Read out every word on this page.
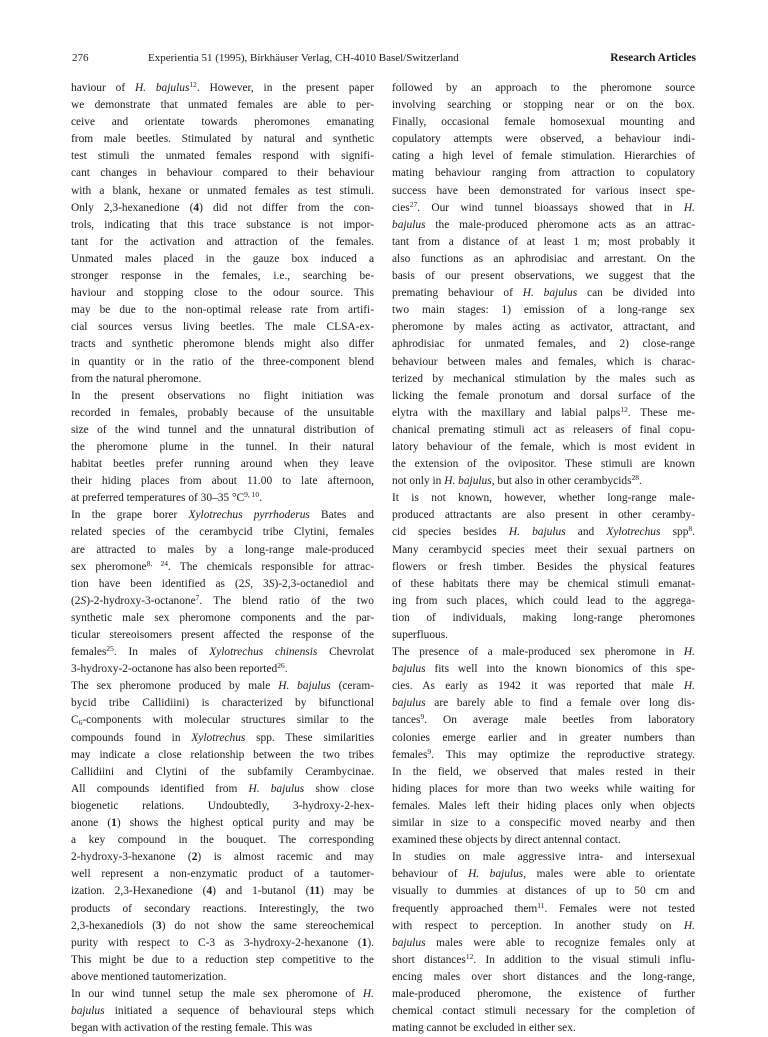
276	Experientia 51 (1995), Birkhäuser Verlag, CH-4010 Basel/Switzerland	Research Articles
haviour of H. bajulus$^{12}$. However, in the present paper
we demonstrate that unmated females are able to per-
ceive and orientate towards pheromones emanating
from male beetles. Stimulated by natural and synthetic
test stimuli the unmated females respond with signifi-
cant changes in behaviour compared to their behaviour
with a blank, hexane or unmated females as test stimuli.
Only 2,3-hexanedione (4) did not differ from the con-
trols, indicating that this trace substance is not impor-
tant for the activation and attraction of the females.
Unmated males placed in the gauze box induced a
stronger response in the females, i.e., searching be-
haviour and stopping close to the odour source. This
may be due to the non-optimal release rate from artifi-
cial sources versus living beetles. The male CLSA-ex-
tracts and synthetic pheromone blends might also differ
in quantity or in the ratio of the three-component blend
from the natural pheromone.
In the present observations no flight initiation was
recorded in females, probably because of the unsuitable
size of the wind tunnel and the unnatural distribution of
the pheromone plume in the tunnel. In their natural
habitat beetles prefer running around when they leave
their hiding places from about 11.00 to late afternoon,
at preferred temperatures of 30–35 $^\circ C^{9, 10}$.
In the grape borer Xylotrechus pyrrhoderus Bates and
related species of the cerambycid tribe Clytini, females
are attracted to males by a long-range male-produced
sex pheromone$^{8, 24}$. The chemicals responsible for attrac-
tion have been identified as (2S, 3S)-2,3-octanediol and
(2S)-2-hydroxy-3-octanone$^7$. The blend ratio of the two
synthetic male sex pheromone components and the par-
ticular stereoisomers present affected the response of the
females$^{25}$. In males of Xylotrechus chinensis Chevrolat
3-hydroxy-2-octanone has also been reported$^{26}$.
The sex pheromone produced by male H. bajulus (ceram-
bycid tribe Callidiini) is characterized by bifunctional
$C_6$-components with molecular structures similar to the
compounds found in Xylotrechus spp. These similarities
may indicate a close relationship between the two tribes
Callidiini and Clytini of the subfamily Cerambycinae.
All compounds identified from H. bajulus show close
biogenetic relations. Undoubtedly, 3-hydroxy-2-hex-
anone (1) shows the highest optical purity and may be
a key compound in the bouquet. The corresponding
2-hydroxy-3-hexanone (2) is almost racemic and may
well represent a non-enzymatic product of a tautomer-
ization. 2,3-Hexanedione (4) and 1-butanol (11) may be
products of secondary reactions. Interestingly, the two
2,3-hexanediols (3) do not show the same stereochemical
purity with respect to C-3 as 3-hydroxy-2-hexanone (1).
This might be due to a reduction step competitive to the
above mentioned tautomerization.
In our wind tunnel setup the male sex pheromone of H.
bajulus initiated a sequence of behavioural steps which
began with activation of the resting female. This was
followed by an approach to the pheromone source
involving searching or stopping near or on the box.
Finally, occasional female homosexual mounting and
copulatory attempts were observed, a behaviour indi-
cating a high level of female stimulation. Hierarchies of
mating behaviour ranging from attraction to copulatory
success have been demonstrated for various insect spe-
cies$^{27}$. Our wind tunnel bioassays showed that in H.
bajulus the male-produced pheromone acts as an attrac-
tant from a distance of at least 1 m; most probably it
also functions as an aphrodisiac and arrestant. On the
basis of our present observations, we suggest that the
premating behaviour of H. bajulus can be divided into
two main stages: 1) emission of a long-range sex
pheromone by males acting as activator, attractant, and
aphrodisiac for unmated females, and 2) close-range
behaviour between males and females, which is charac-
terized by mechanical stimulation by the males such as
licking the female pronotum and dorsal surface of the
elytra with the maxillary and labial palps$^{12}$. These me-
chanical premating stimuli act as releasers of final copu-
latory behaviour of the female, which is most evident in
the extension of the ovipositor. These stimuli are known
not only in H. bajulus, but also in other cerambycids$^{28}$.
It is not known, however, whether long-range male-
produced attractants are also present in other ceramby-
cid species besides H. bajulus and Xylotrechus spp$^8$.
Many cerambycid species meet their sexual partners on
flowers or fresh timber. Besides the physical features
of these habitats there may be chemical stimuli emanat-
ing from such places, which could lead to the aggrega-
tion of individuals, making long-range pheromones
superfluous.
The presence of a male-produced sex pheromone in H.
bajulus fits well into the known bionomics of this spe-
cies. As early as 1942 it was reported that male H.
bajulus are barely able to find a female over long dis-
tances$^9$. On average male beetles from laboratory
colonies emerge earlier and in greater numbers than
females$^9$. This may optimize the reproductive strategy.
In the field, we observed that males rested in their
hiding places for more than two weeks while waiting for
females. Males left their hiding places only when objects
similar in size to a conspecific moved nearby and then
examined these objects by direct antennal contact.
In studies on male aggressive intra- and intersexual
behaviour of H. bajulus, males were able to orientate
visually to dummies at distances of up to 50 cm and
frequently approached them$^{11}$. Females were not tested
with respect to perception. In another study on H.
bajulus males were able to recognize females only at
short distances$^{12}$. In addition to the visual stimuli influ-
encing males over short distances and the long-range,
male-produced pheromone, the existence of further
chemical contact stimuli necessary for the completion of
mating cannot be excluded in either sex.
